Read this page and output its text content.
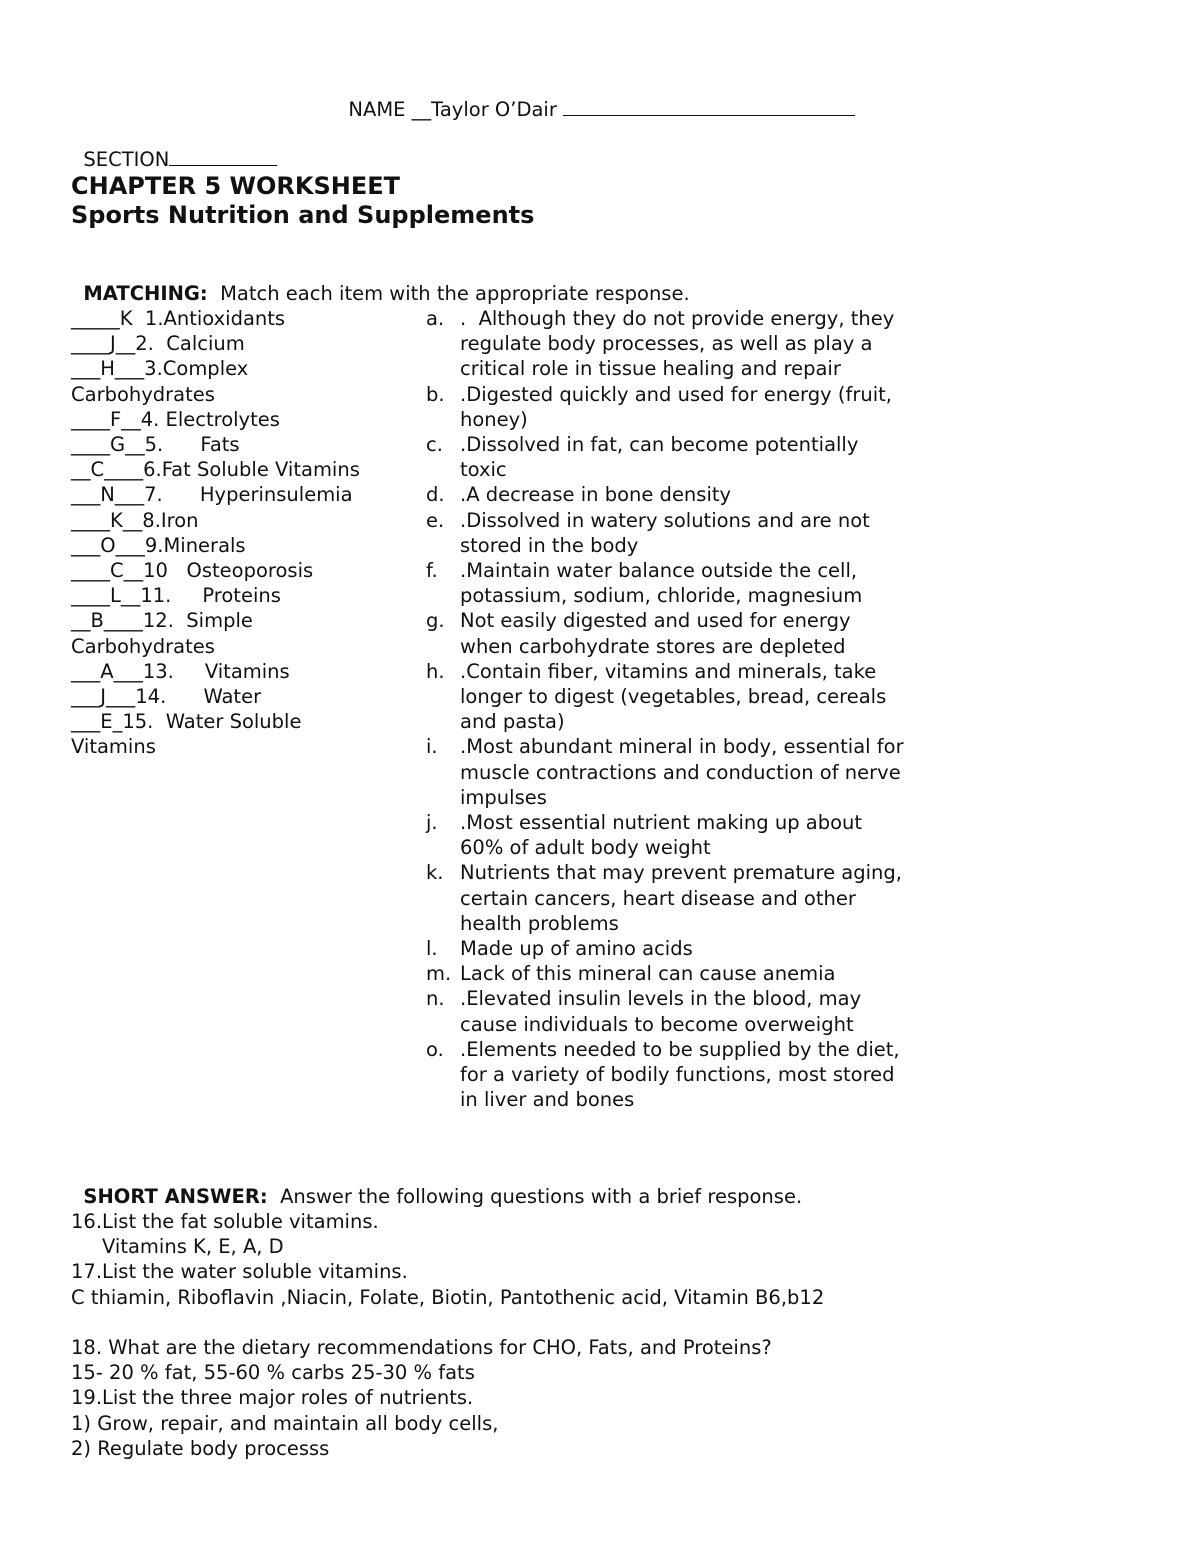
NAME __Taylor O’Dair

SECTION

CHAPTER 5 WORKSHEET
Sports Nutrition and Supplements

MATCHING: Match each item with the appropriate response.

_____K  1.Antioxidants
____J__2.  Calcium
___H___3.Complex
Carbohydrates
____F__4. Electrolytes
____G__5.      Fats
__C____6.Fat Soluble Vitamins
___N___7.      Hyperinsulemia
____K__8.Iron
___O___9.Minerals
____C__10   Osteoporosis
____L__11.     Proteins
__B____12.  Simple
Carbohydrates
___A___13.     Vitamins
___J___14.      Water
___E_15.  Water Soluble
Vitamins
a. .  Although they do not provide energy, they
regulate body processes, as well as play a
critical role in tissue healing and repair
b. .Digested quickly and used for energy (fruit,
honey)
c. .Dissolved in fat, can become potentially
toxic
d. .A decrease in bone density
e. .Dissolved in watery solutions and are not
stored in the body
f.	.Maintain water balance outside the cell,
potassium, sodium, chloride, magnesium
g. Not easily digested and used for energy
when carbohydrate stores are depleted
h. .Contain fiber, vitamins and minerals, take
longer to digest (vegetables, bread, cereals
and pasta)
i.	.Most abundant mineral in body, essential for
muscle contractions and conduction of nerve
impulses
j.	.Most essential nutrient making up about
60% of adult body weight
k. Nutrients that may prevent premature aging,
certain cancers, heart disease and other
health problems
l.	Made up of amino acids
m. Lack of this mineral can cause anemia
n. .Elevated insulin levels in the blood, may
cause individuals to become overweight
o. .Elements needed to be supplied by the diet,
for a variety of bodily functions, most stored
in liver and bones

SHORT ANSWER: Answer the following questions with a brief response.

16.List the fat soluble vitamins.
Vitamins K, E, A, D
17.List the water soluble vitamins.
C thiamin, Riboflavin ,Niacin, Folate, Biotin, Pantothenic acid, Vitamin B6,b12
18. What are the dietary recommendations for CHO, Fats, and Proteins?
15- 20 % fat, 55-60 % carbs 25-30 % fats
19.List the three major roles of nutrients.
1) Grow, repair, and maintain all body cells,
2) Regulate body processs
